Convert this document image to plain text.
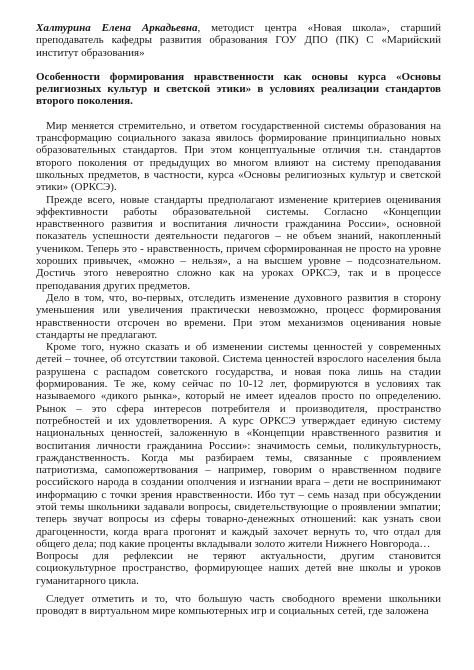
Халтурина Елена Аркадьевна, методист центра «Новая школа», старший преподаватель кафедры развития образования ГОУ ДПО (ПК) С «Марийский институт образования»

Особенности формирования нравственности как основы курса «Основы религиозных культур и светской этики» в условиях реализации стандартов второго поколения.

Мир меняется стремительно, и ответом государственной системы образования на трансформацию социального заказа явилось формирование принципиально новых образовательных стандартов. При этом концептуальные отличия т.н. стандартов второго поколения от предыдущих во многом влияют на систему преподавания школьных предметов, в частности, курса «Основы религиозных культур и светской этики» (ОРКСЭ).

Прежде всего, новые стандарты предполагают изменение критериев оценивания эффективности работы образовательной системы. Согласно «Концепции нравственного развития и воспитания личности гражданина России», основной показатель успешности деятельности педагогов – не объем знаний, накопленный учеником. Теперь это - нравственность, причем сформированная не просто на уровне хороших привычек, «можно – нельзя», а на высшем уровне – подсознательном. Достичь этого невероятно сложно как на уроках ОРКСЭ, так и в процессе преподавания других предметов.

Дело в том, что, во-первых, отследить изменение духовного развития в сторону уменьшения или увеличения практически невозможно, процесс формирования нравственности отсрочен во времени. При этом механизмов оценивания новые стандарты не предлагают.

Кроме того, нужно сказать и об изменении системы ценностей у современных детей – точнее, об отсутствии таковой. Система ценностей взрослого населения была разрушена с распадом советского государства, и новая пока лишь на стадии формирования. Те же, кому сейчас по 10-12 лет, формируются в условиях так называемого «дикого рынка», который не имеет идеалов просто по определению. Рынок – это сфера интересов потребителя и производителя, пространство потребностей и их удовлетворения. А курс ОРКСЭ утверждает единую систему национальных ценностей, заложенную в «Концепции нравственного развития и воспитания личности гражданина России»: значимость семьи, поликультурность, гражданственность. Когда мы разбираем темы, связанные с проявлением патриотизма, самопожертвования – например, говорим о нравственном подвиге российского народа в создании ополчения и изгнании врага – дети не воспринимают информацию с точки зрения нравственности. Ибо тут – семь назад при обсуждении этой темы школьники задавали вопросы, свидетельствующие о проявлении эмпатии; теперь звучат вопросы из сферы товарно-денежных отношений: как узнать свои драгоценности, когда врага прогонят и каждый захочет вернуть то, что отдал для общего дела; под какие проценты вкладывали золото жители Нижнего Новгорода…

Вопросы для рефлексии не теряют актуальности, другим становится социокультурное пространство, формирующее наших детей вне школы и уроков гуманитарного цикла.

Следует отметить и то, что большую часть свободного времени школьники проводят в виртуальном мире компьютерных игр и социальных сетей, где заложена
